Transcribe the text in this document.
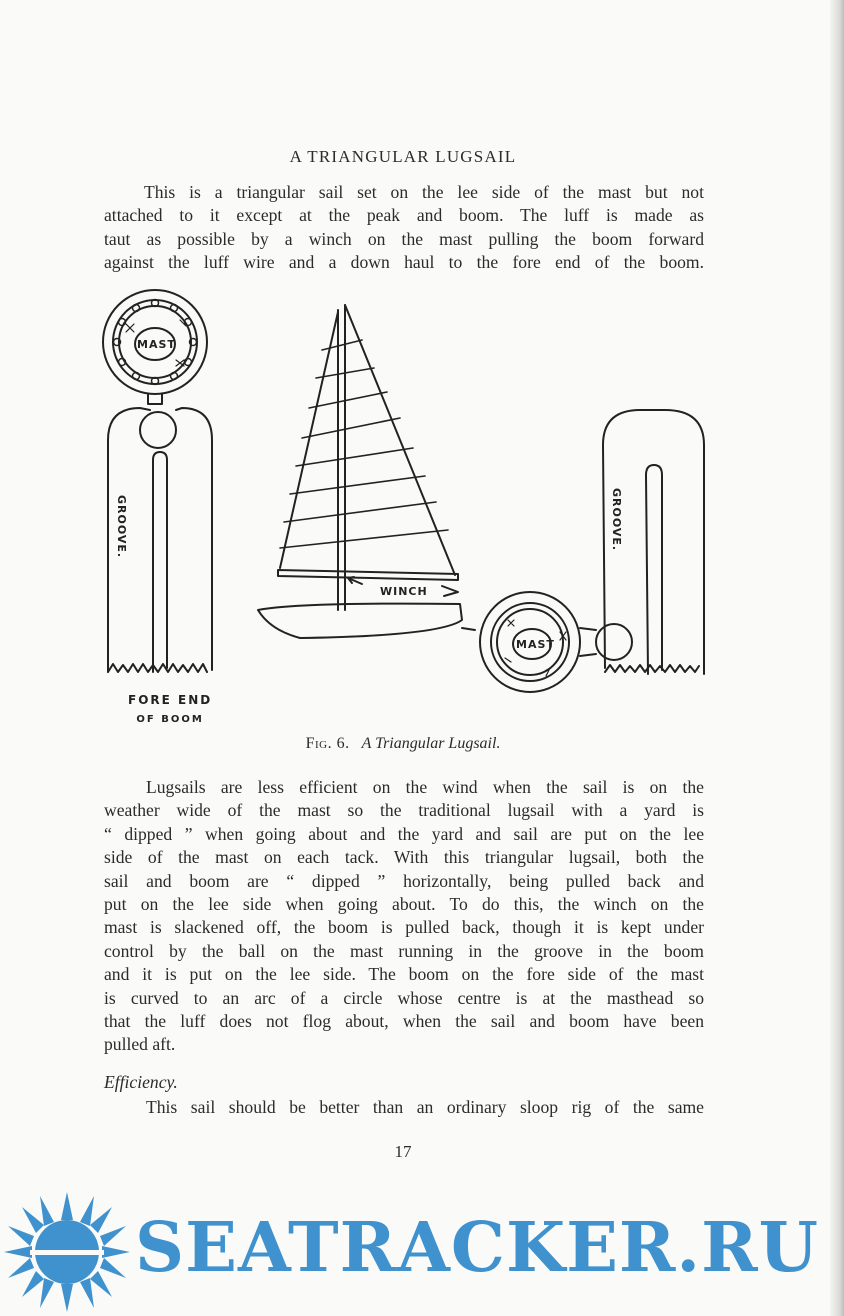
A TRIANGULAR LUGSAIL
This is a triangular sail set on the lee side of the mast but not
attached to it except at the peak and boom. The luff is made as
taut as possible by a winch on the mast pulling the boom forward
against the luff wire and a down haul to the fore end of the boom.
MAST
GROOVE.
WINCH
MAST
GROOVE.
FORE END
OF BOOM
Fig. 6. A Triangular Lugsail.
Lugsails are less efficient on the wind when the sail is on the
weather wide of the mast so the traditional lugsail with a yard is
“ dipped ” when going about and the yard and sail are put on the lee
side of the mast on each tack. With this triangular lugsail, both the
sail and boom are “ dipped ” horizontally, being pulled back and
put on the lee side when going about. To do this, the winch on the
mast is slackened off, the boom is pulled back, though it is kept under
control by the ball on the mast running in the groove in the boom
and it is put on the lee side. The boom on the fore side of the mast
is curved to an arc of a circle whose centre is at the masthead so
that the luff does not flog about, when the sail and boom have been
pulled aft.
Efficiency.
This sail should be better than an ordinary sloop rig of the same
17
SEATRACKER.RU
